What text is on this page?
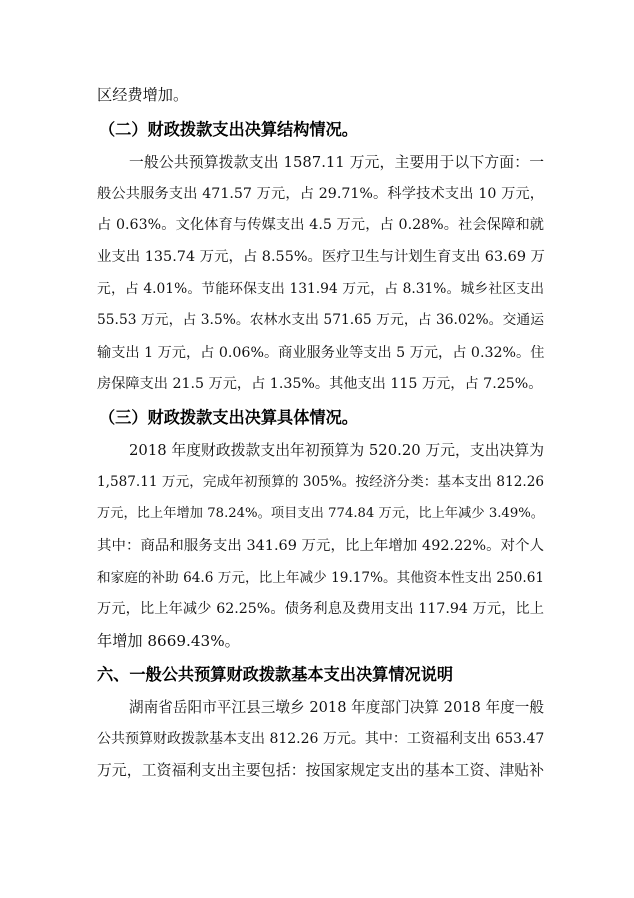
区经费增加。
（二）财政拨款支出决算结构情况。
一般公共预算拨款支出 1587.11 万元，主要用于以下方面：一
般公共服务支出 471.57 万元，占 29.71%。科学技术支出 10 万元，
占 0.63%。文化体育与传媒支出 4.5 万元，占 0.28%。社会保障和就
业支出 135.74 万元，占 8.55%。医疗卫生与计划生育支出 63.69 万
元，占 4.01%。节能环保支出 131.94 万元，占 8.31%。城乡社区支出
55.53 万元，占 3.5%。农林水支出 571.65 万元，占 36.02%。交通运
输支出 1 万元，占 0.06%。商业服务业等支出 5 万元，占 0.32%。住
房保障支出 21.5 万元，占 1.35%。其他支出 115 万元，占 7.25%。
（三）财政拨款支出决算具体情况。
2018 年度财政拨款支出年初预算为 520.20 万元，支出决算为
1,587.11 万元，完成年初预算的 305%。按经济分类：基本支出 812.26
万元，比上年增加 78.24%。项目支出 774.84 万元，比上年减少 3.49%。
其中：商品和服务支出 341.69 万元，比上年增加 492.22%。对个人
和家庭的补助 64.6 万元，比上年减少 19.17%。其他资本性支出 250.61
万元，比上年减少 62.25%。债务利息及费用支出 117.94 万元，比上
年增加 8669.43%。
六、一般公共预算财政拨款基本支出决算情况说明
湖南省岳阳市平江县三墩乡 2018 年度部门决算 2018 年度一般
公共预算财政拨款基本支出 812.26 万元。其中：工资福利支出 653.47
万元，工资福利支出主要包括：按国家规定支出的基本工资、津贴补
